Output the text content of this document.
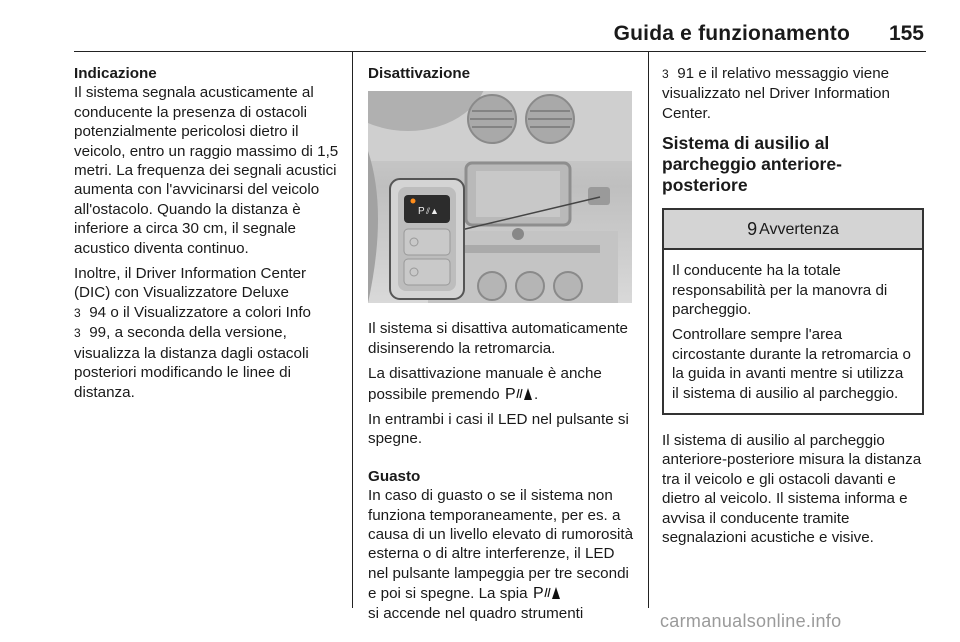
Guida e funzionamento	155
Indicazione

Il sistema segnala acusticamente al conducente la presenza di ostacoli potenzialmente pericolosi dietro il veicolo, entro un raggio massimo di 1,5 metri. La frequenza dei segnali acustici aumenta con l'avvicinarsi del veicolo all'ostacolo. Quando la distanza è inferiore a circa 30 cm, il segnale acustico diventa continuo.

Inoltre, il Driver Information Center (DIC) con Visualizzatore Deluxe
3 94 o il Visualizzatore a colori Info
3 99, a seconda della versione, visualizza la distanza dagli ostacoli posteriori modificando le linee di distanza.

Disattivazione
P ⫽▲

Il sistema si disattiva automaticamente disinserendo la retromarcia.

La disattivazione manuale è anche possibile premendo P .

In entrambi i casi il LED nel pulsante si spegne.

Guasto

In caso di guasto o se il sistema non funziona temporaneamente, per es. a causa di un livello elevato di rumorosità esterna o di altre interferenze, il LED nel pulsante lampeggia per tre secondi e poi si spegne. La spia P

si accende nel quadro strumenti

3 91 e il relativo messaggio viene visualizzato nel Driver Information Center.

Sistema di ausilio al parcheggio anteriore-posteriore
9 Avvertenza

Il conducente ha la totale responsabilità per la manovra di parcheggio.

Controllare sempre l'area circostante durante la retromarcia o la guida in avanti mentre si utilizza il sistema di ausilio al parcheggio.

Il sistema di ausilio al parcheggio anteriore-posteriore misura la distanza tra il veicolo e gli ostacoli davanti e dietro al veicolo. Il sistema informa e avvisa il conducente tramite segnalazioni acustiche e visive.

carmanualsonline.info
